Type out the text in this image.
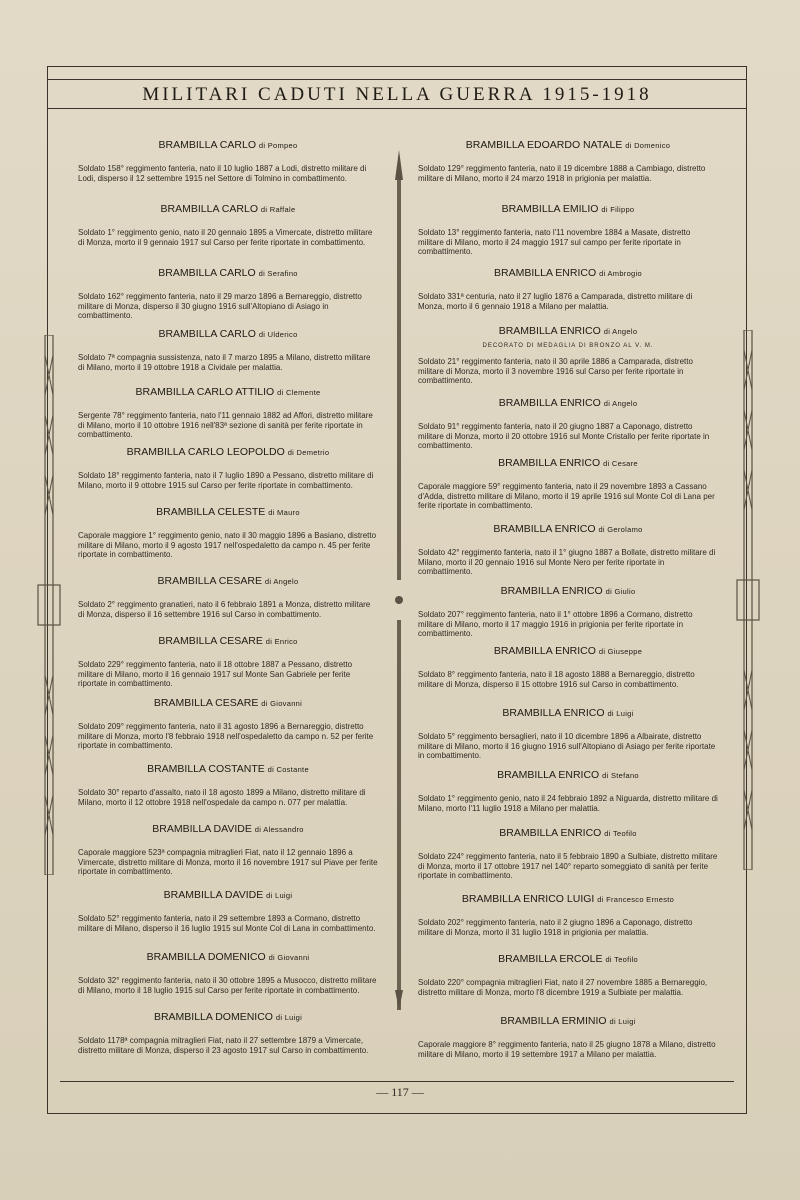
MILITARI CADUTI NELLA GUERRA 1915-1918
BRAMBILLA CARLO di Pompeo
Soldato 158° reggimento fanteria, nato il 10 luglio 1887 a Lodi, distretto militare di Lodi, disperso il 12 settembre 1915 nel Settore di Tolmino in combattimento.
BRAMBILLA CARLO di Raffale
Soldato 1° reggimento genio, nato il 20 gennaio 1895 a Vimercate, distretto militare di Monza, morto il 9 gennaio 1917 sul Carso per ferite riportate in combattimento.
BRAMBILLA CARLO di Serafino
Soldato 162° reggimento fanteria, nato il 29 marzo 1896 a Bernareggio, distretto militare di Monza, disperso il 30 giugno 1916 sull'Altopiano di Asiago in combattimento.
BRAMBILLA CARLO di Ulderico
Soldato 7ª compagnia sussistenza, nato il 7 marzo 1895 a Milano, distretto militare di Milano, morto il 19 ottobre 1918 a Cividale per malattia.
BRAMBILLA CARLO ATTILIO di Clemente
Sergente 78° reggimento fanteria, nato l'11 gennaio 1882 ad Affori, distretto militare di Milano, morto il 10 ottobre 1916 nell'83ª sezione di sanità per ferite riportate in combattimento.
BRAMBILLA CARLO LEOPOLDO di Demetrio
Soldato 18° reggimento fanteria, nato il 7 luglio 1890 a Pessano, distretto militare di Milano, morto il 9 ottobre 1915 sul Carso per ferite riportate in combattimento.
BRAMBILLA CELESTE di Mauro
Caporale maggiore 1° reggimento genio, nato il 30 maggio 1896 a Basiano, distretto militare di Milano, morto il 9 agosto 1917 nell'ospedaletto da campo n. 45 per ferite riportate in combattimento.
BRAMBILLA CESARE di Angelo
Soldato 2° reggimento granatieri, nato il 6 febbraio 1891 a Monza, distretto militare di Monza, disperso il 16 settembre 1916 sul Carso in combattimento.
BRAMBILLA CESARE di Enrico
Soldato 229° reggimento fanteria, nato il 18 ottobre 1887 a Pessano, distretto militare di Milano, morto il 16 gennaio 1917 sul Monte San Gabriele per ferite riportate in combattimento.
BRAMBILLA CESARE di Giovanni
Soldato 209° reggimento fanteria, nato il 31 agosto 1896 a Bernareggio, distretto militare di Monza, morto l'8 febbraio 1918 nell'ospedaletto da campo n. 52 per ferite riportate in combattimento.
BRAMBILLA COSTANTE di Costante
Soldato 30° reparto d'assalto, nato il 18 agosto 1899 a Milano, distretto militare di Milano, morto il 12 ottobre 1918 nell'ospedale da campo n. 077 per malattia.
BRAMBILLA DAVIDE di Alessandro
Caporale maggiore 523ª compagnia mitraglieri Fiat, nato il 12 gennaio 1896 a Vimercate, distretto militare di Monza, morto il 16 novembre 1917 sul Piave per ferite riportate in combattimento.
BRAMBILLA DAVIDE di Luigi
Soldato 52° reggimento fanteria, nato il 29 settembre 1893 a Cormano, distretto militare di Milano, disperso il 16 luglio 1915 sul Monte Col di Lana in combattimento.
BRAMBILLA DOMENICO di Giovanni
Soldato 32° reggimento fanteria, nato il 30 ottobre 1895 a Musocco, distretto militare di Milano, morto il 18 luglio 1915 sul Carso per ferite riportate in combattimento.
BRAMBILLA DOMENICO di Luigi
Soldato 1178ª compagnia mitraglieri Fiat, nato il 27 settembre 1879 a Vimercate, distretto militare di Monza, disperso il 23 agosto 1917 sul Carso in combattimento.
BRAMBILLA EDOARDO NATALE di Domenico
Soldato 129° reggimento fanteria, nato il 19 dicembre 1888 a Cambiago, distretto militare di Milano, morto il 24 marzo 1918 in prigionia per malattia.
BRAMBILLA EMILIO di Filippo
Soldato 13° reggimento fanteria, nato l'11 novembre 1884 a Masate, distretto militare di Milano, morto il 24 maggio 1917 sul campo per ferite riportate in combattimento.
BRAMBILLA ENRICO di Ambrogio
Soldato 331ª centuria, nato il 27 luglio 1876 a Camparada, distretto militare di Monza, morto il 6 gennaio 1918 a Milano per malattia.
BRAMBILLA ENRICO di Angelo
DECORATO DI MEDAGLIA DI BRONZO AL V. M.
Soldato 21° reggimento fanteria, nato il 30 aprile 1886 a Camparada, distretto militare di Monza, morto il 3 novembre 1916 sul Carso per ferite riportate in combattimento.
BRAMBILLA ENRICO di Angelo
Soldato 91° reggimento fanteria, nato il 20 giugno 1887 a Caponago, distretto militare di Monza, morto il 20 ottobre 1916 sul Monte Cristallo per ferite riportate in combattimento.
BRAMBILLA ENRICO di Cesare
Caporale maggiore 59° reggimento fanteria, nato il 29 novembre 1893 a Cassano d'Adda, distretto militare di Milano, morto il 19 aprile 1916 sul Monte Col di Lana per ferite riportate in combattimento.
BRAMBILLA ENRICO di Gerolamo
Soldato 42° reggimento fanteria, nato il 1° giugno 1887 a Bollate, distretto militare di Milano, morto il 20 gennaio 1916 sul Monte Nero per ferite riportate in combattimento.
BRAMBILLA ENRICO di Giulio
Soldato 207° reggimento fanteria, nato il 1° ottobre 1896 a Cormano, distretto militare di Milano, morto il 17 maggio 1916 in prigionia per ferite riportate in combattimento.
BRAMBILLA ENRICO di Giuseppe
Soldato 8° reggimento fanteria, nato il 18 agosto 1888 a Bernareggio, distretto militare di Monza, disperso il 15 ottobre 1916 sul Carso in combattimento.
BRAMBILLA ENRICO di Luigi
Soldato 5° reggimento bersaglieri, nato il 10 dicembre 1896 a Albairate, distretto militare di Milano, morto il 16 giugno 1916 sull'Altopiano di Asiago per ferite riportate in combattimento.
BRAMBILLA ENRICO di Stefano
Soldato 1° reggimento genio, nato il 24 febbraio 1892 a Niguarda, distretto militare di Milano, morto l'11 luglio 1918 a Milano per malattia.
BRAMBILLA ENRICO di Teofilo
Soldato 224° reggimento fanteria, nato il 5 febbraio 1890 a Sulbiate, distretto militare di Monza, morto il 17 ottobre 1917 nel 140° reparto someggiato di sanità per ferite riportate in combattimento.
BRAMBILLA ENRICO LUIGI di Francesco Ernesto
Soldato 202° reggimento fanteria, nato il 2 giugno 1896 a Caponago, distretto militare di Monza, morto il 31 luglio 1918 in prigionia per malattia.
BRAMBILLA ERCOLE di Teofilo
Soldato 220° compagnia mitraglieri Fiat, nato il 27 novembre 1885 a Bernareggio, distretto militare di Monza, morto l'8 dicembre 1919 a Sulbiate per malattia.
BRAMBILLA ERMINIO di Luigi
Caporale maggiore 8° reggimento fanteria, nato il 25 giugno 1878 a Milano, distretto militare di Milano, morto il 19 settembre 1917 a Milano per malattia.
— 117 —
